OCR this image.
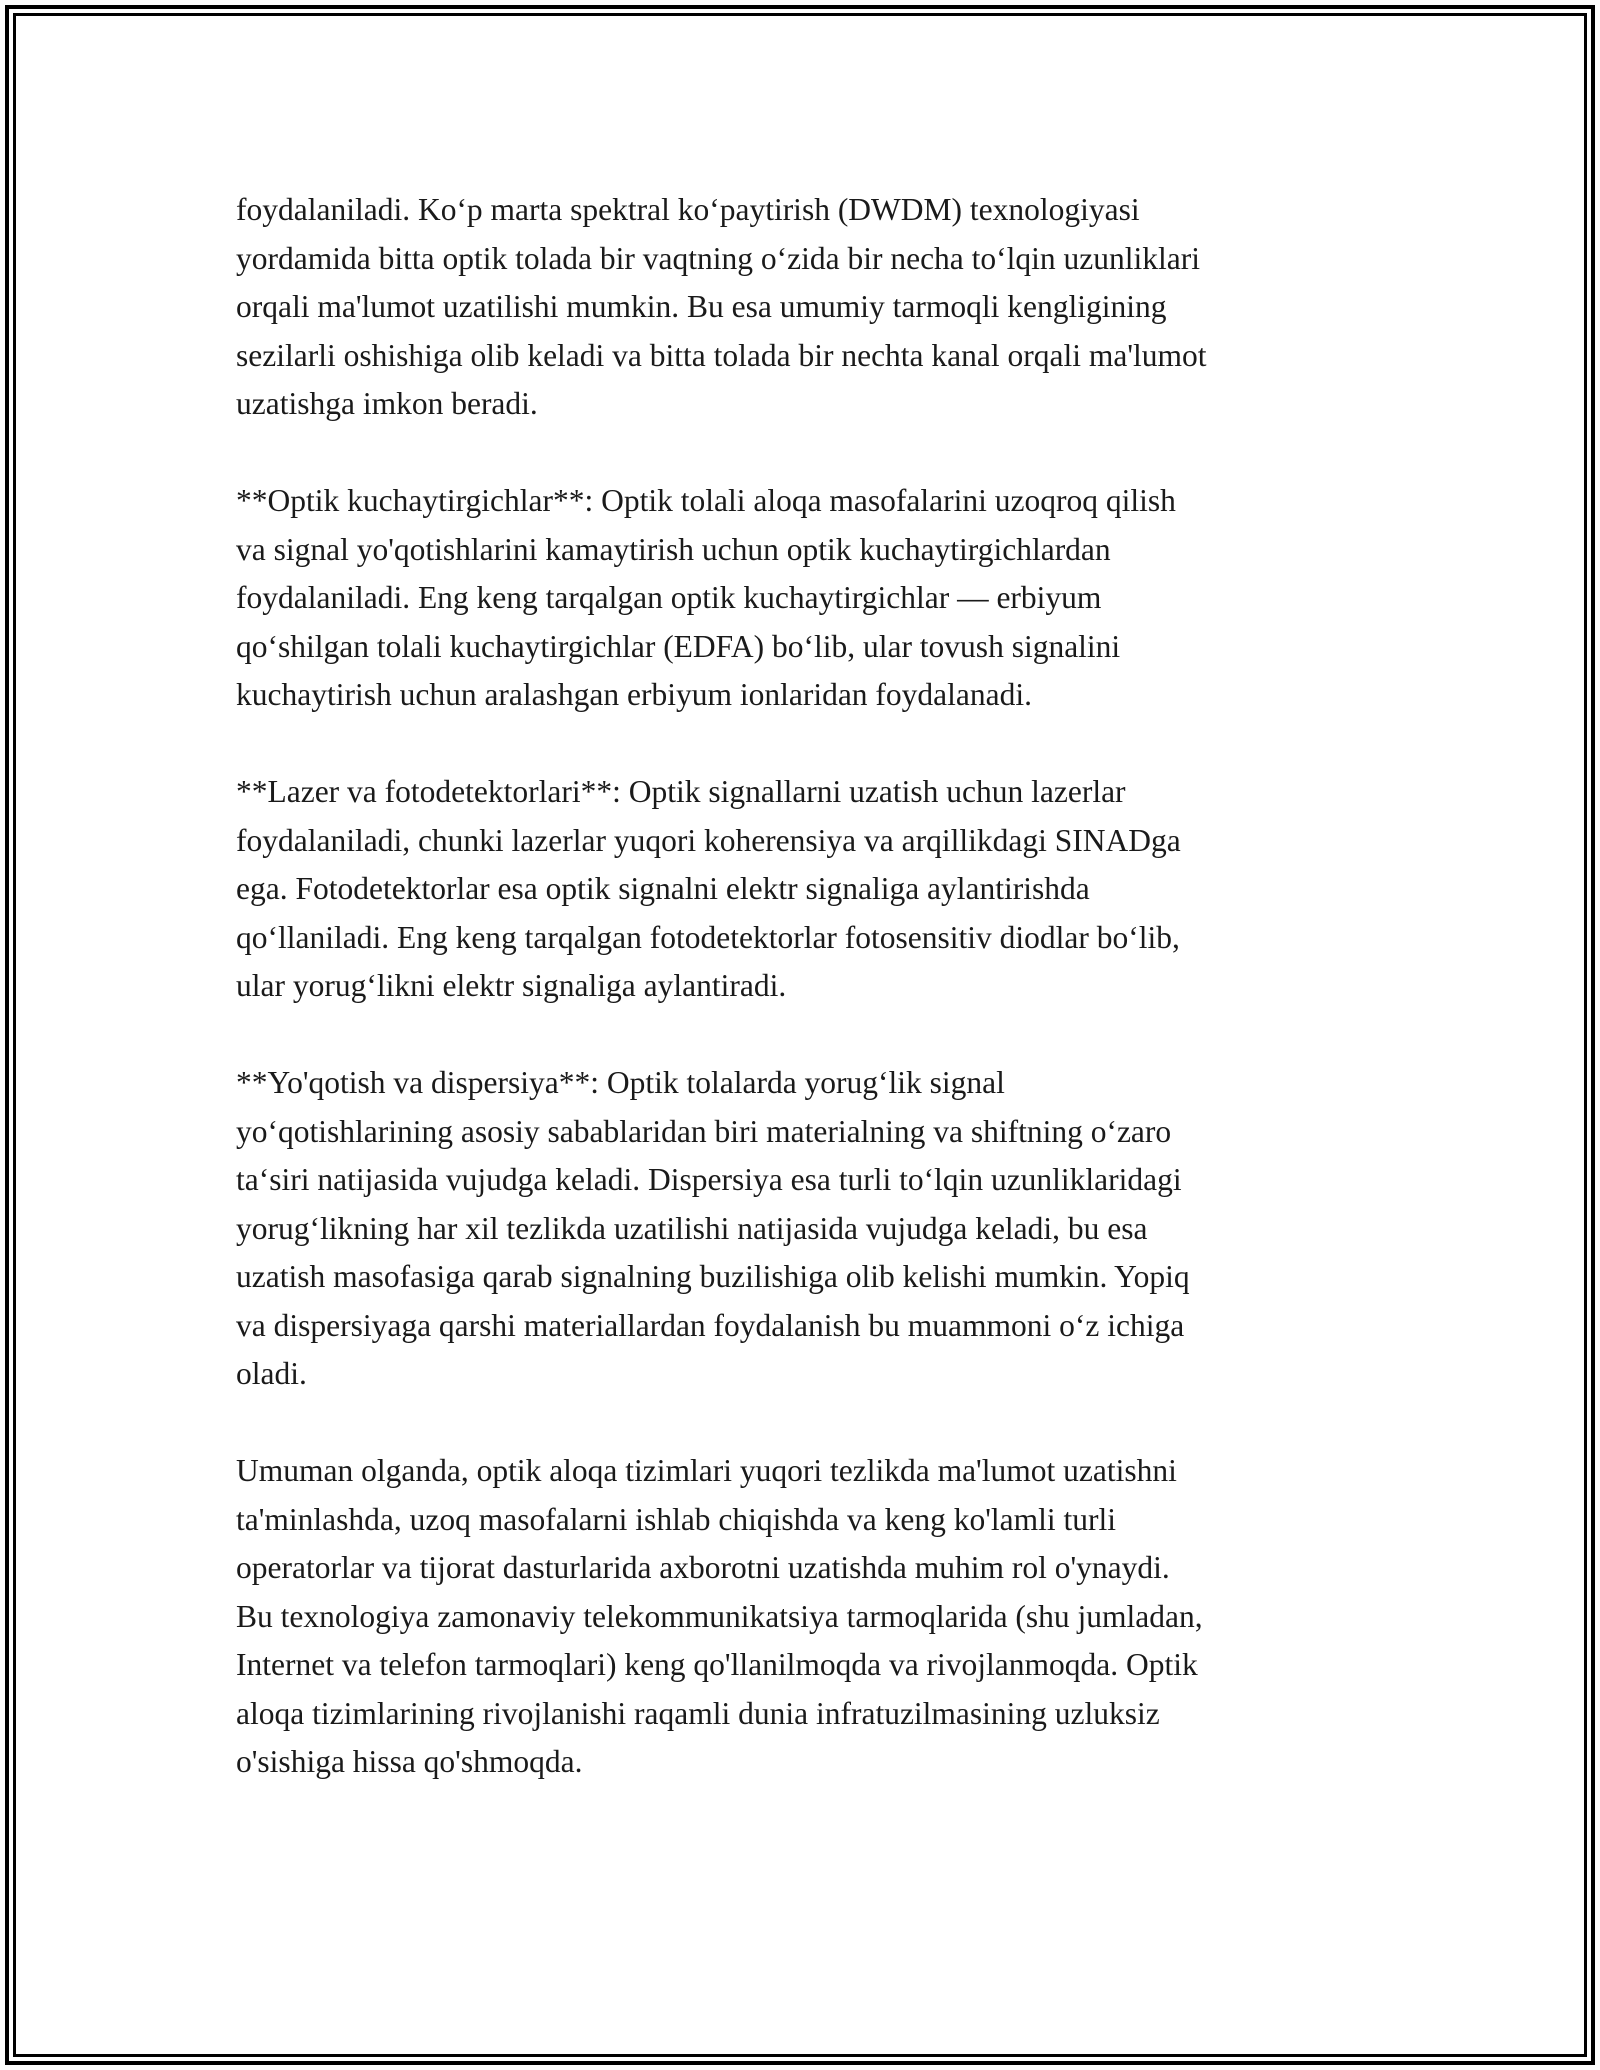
foydalaniladi. Ko‘p marta spektral ko‘paytirish (DWDM) texnologiyasi
yordamida bitta optik tolada bir vaqtning o‘zida bir necha to‘lqin uzunliklari
orqali ma'lumot uzatilishi mumkin. Bu esa umumiy tarmoqli kengligining
sezilarli oshishiga olib keladi va bitta tolada bir nechta kanal orqali ma'lumot
uzatishga imkon beradi.
**Optik kuchaytirgichlar**: Optik tolali aloqa masofalarini uzoqroq qilish
va signal yo'qotishlarini kamaytirish uchun optik kuchaytirgichlardan
foydalaniladi. Eng keng tarqalgan optik kuchaytirgichlar — erbiyum
qo‘shilgan tolali kuchaytirgichlar (EDFA) bo‘lib, ular tovush signalini
kuchaytirish uchun aralashgan erbiyum ionlaridan foydalanadi.
**Lazer va fotodetektorlari**: Optik signallarni uzatish uchun lazerlar
foydalaniladi, chunki lazerlar yuqori koherensiya va arqillikdagi SINADga
ega. Fotodetektorlar esa optik signalni elektr signaliga aylantirishda
qo‘llaniladi. Eng keng tarqalgan fotodetektorlar fotosensitiv diodlar bo‘lib,
ular yorug‘likni elektr signaliga aylantiradi.
**Yo'qotish va dispersiya**: Optik tolalarda yorug‘lik signal
yo‘qotishlarining asosiy sabablaridan biri materialning va shiftning o‘zaro
ta‘siri natijasida vujudga keladi. Dispersiya esa turli to‘lqin uzunliklaridagi
yorug‘likning har xil tezlikda uzatilishi natijasida vujudga keladi, bu esa
uzatish masofasiga qarab signalning buzilishiga olib kelishi mumkin. Yopiq
va dispersiyaga qarshi materiallardan foydalanish bu muammoni o‘z ichiga
oladi.
Umuman olganda, optik aloqa tizimlari yuqori tezlikda ma'lumot uzatishni
ta'minlashda, uzoq masofalarni ishlab chiqishda va keng ko'lamli turli
operatorlar va tijorat dasturlarida axborotni uzatishda muhim rol o'ynaydi.
Bu texnologiya zamonaviy telekommunikatsiya tarmoqlarida (shu jumladan,
Internet va telefon tarmoqlari) keng qo'llanilmoqda va rivojlanmoqda. Optik
aloqa tizimlarining rivojlanishi raqamli dunia infratuzilmasining uzluksiz
o'sishiga hissa qo'shmoqda.
